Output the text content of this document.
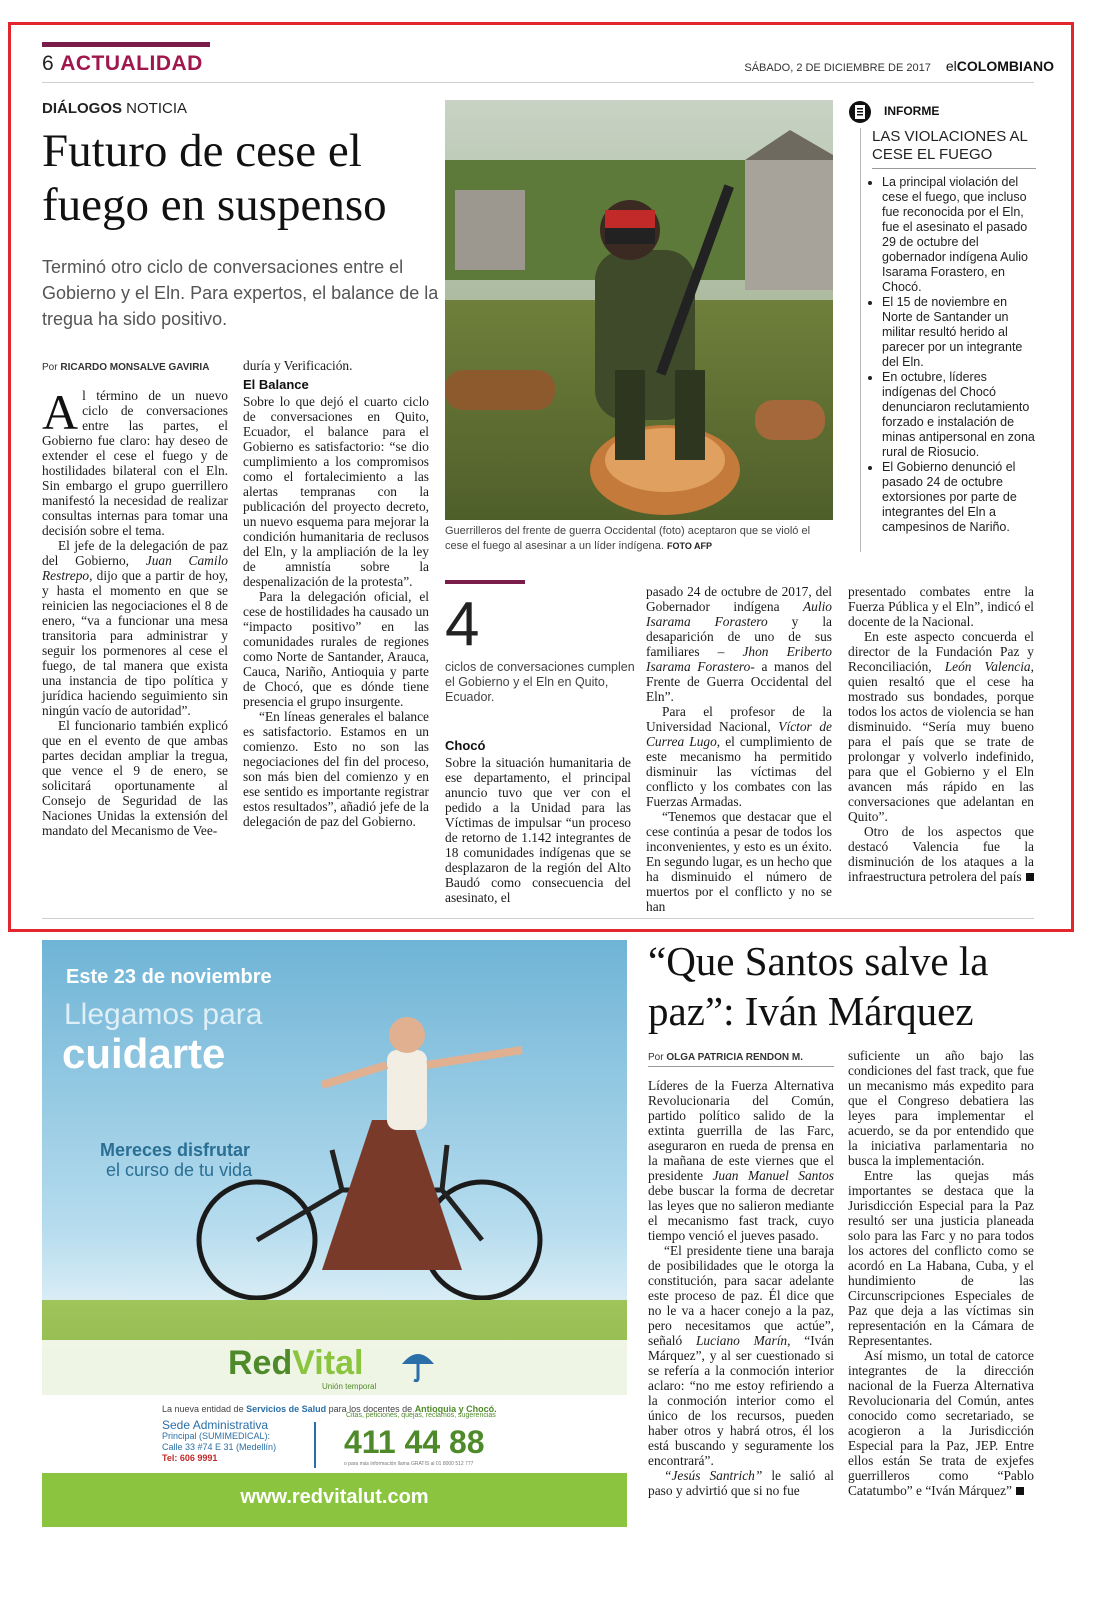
6 ACTUALIDAD	SÁBADO, 2 DE DICIEMBRE DE 2017 elCOLOMBIANO
DIÁLOGOS NOTICIA
Futuro de cese el fuego en suspenso
Terminó otro ciclo de conversaciones entre el Gobierno y el Eln. Para expertos, el balance de la tregua ha sido positivo.
Por RICARDO MONSALVE GAVIRIA

Al término de un nuevo ciclo de conversaciones entre las partes, el Gobierno fue claro: hay deseo de extender el cese el fuego y de hostilidades bilateral con el Eln. Sin embargo el grupo guerrillero manifestó la necesidad de realizar consultas internas para tomar una decisión sobre el tema.

El jefe de la delegación de paz del Gobierno, Juan Camilo Restrepo, dijo que a partir de hoy, y hasta el momento en que se reinicien las negociaciones el 8 de enero, “va a funcionar una mesa transitoria para administrar y seguir los pormenores al cese el fuego, de tal manera que exista una instancia de tipo política y jurídica haciendo seguimiento sin ningún vacío de autoridad”.

El funcionario también explicó que en el evento de que ambas partes decidan ampliar la tregua, que vence el 9 de enero, se solicitará oportunamente al Consejo de Seguridad de las Naciones Unidas la extensión del mandato del Mecanismo de Vee-

duría y Verificación.

El Balance

Sobre lo que dejó el cuarto ciclo de conversaciones en Quito, Ecuador, el balance para el Gobierno es satisfactorio: “se dio cumplimiento a los compromisos como el fortalecimiento a las alertas tempranas con la publicación del proyecto decreto, un nuevo esquema para mejorar la condición humanitaria de reclusos del Eln, y la ampliación de la ley de amnistía sobre la despenalización de la protesta”.

Para la delegación oficial, el cese de hostilidades ha causado un “impacto positivo” en las comunidades rurales de regiones como Norte de Santander, Arauca, Cauca, Nariño, Antioquia y parte de Chocó, que es dónde tiene presencia el grupo insurgente.

“En líneas generales el balance es satisfactorio. Estamos en un comienzo. Esto no son las negociaciones del fin del proceso, son más bien del comienzo y en ese sentido es importante registrar estos resultados”, añadió jefe de la delegación de paz del Gobierno.

Guerrilleros del frente de guerra Occidental (foto) aceptaron que se violó el cese el fuego al asesinar a un líder indígena. FOTO AFP
4
ciclos de conversaciones cumplen el Gobierno y el Eln en Quito, Ecuador.
Chocó

Sobre la situación humanitaria de ese departamento, el principal anuncio tuvo que ver con el pedido a la Unidad para las Víctimas de impulsar “un proceso de retorno de 1.142 integrantes de 18 comunidades indígenas que se desplazaron de la región del Alto Baudó como consecuencia del asesinato, el

pasado 24 de octubre de 2017, del Gobernador indígena Aulio Isarama Forastero y la desaparición de uno de sus familiares – Jhon Eriberto Isarama Forastero- a manos del Frente de Guerra Occidental del Eln”.

Para el profesor de la Universidad Nacional, Víctor de Currea Lugo, el cumplimiento de este mecanismo ha permitido disminuir las víctimas del conflicto y los combates con las Fuerzas Armadas.

“Tenemos que destacar que el cese continúa a pesar de todos los inconvenientes, y esto es un éxito. En segundo lugar, es un hecho que ha disminuido el número de muertos por el conflicto y no se han

presentado combates entre la Fuerza Pública y el Eln”, indicó el docente de la Nacional.

En este aspecto concuerda el director de la Fundación Paz y Reconciliación, León Valencia, quien resaltó que el cese ha mostrado sus bondades, porque todos los actos de violencia se han disminuido. “Sería muy bueno para el país que se trate de prolongar y volverlo indefinido, para que el Gobierno y el Eln avancen más rápido en las conversaciones que adelantan en Quito”.

Otro de los aspectos que destacó Valencia fue la disminución de los ataques a la infraestructura petrolera del país

INFORME
LAS VIOLACIONES AL CESE EL FUEGO
• La principal violación del cese el fuego, que incluso fue reconocida por el Eln, fue el asesinato el pasado 29 de octubre del gobernador indígena Aulio Isarama Forastero, en Chocó.
• El 15 de noviembre en Norte de Santander un militar resultó herido al parecer por un integrante del Eln.
• En octubre, líderes indígenas del Chocó denunciaron reclutamiento forzado e instalación de minas antipersonal en zona rural de Riosucio.
• El Gobierno denunció el pasado 24 de octubre extorsiones por parte de integrantes del Eln a campesinos de Nariño.
Este 23 de noviembre
Llegamos para
cuidarte
Mereces disfrutar
el curso de tu vida
RedVital
Unión temporal
La nueva entidad de Servicios de Salud para los docentes de Antioquia y Chocó.
Sede Administrativa
Principal (SUMIMEDICAL):
Calle 33 #74 E 31 (Medellín)
Tel: 606 9991
Citas, peticiones, quejas, reclamos, sugerencias
411 44 88
o para más información llama GRATIS al 01 8000 512 777
www.redvitalut.com
“Que Santos salve la paz”: Iván Márquez
Por OLGA PATRICIA RENDON M.

Líderes de la Fuerza Alternativa Revolucionaria del Común, partido político salido de la extinta guerrilla de las Farc, aseguraron en rueda de prensa en la mañana de este viernes que el presidente Juan Manuel Santos debe buscar la forma de decretar las leyes que no salieron mediante el mecanismo fast track, cuyo tiempo venció el jueves pasado.

“El presidente tiene una baraja de posibilidades que le otorga la constitución, para sacar adelante este proceso de paz. Él dice que no le va a hacer conejo a la paz, pero necesitamos que actúe”, señaló Luciano Marín, “Iván Márquez”, y al ser cuestionado si se refería a la conmoción interior aclaro: “no me estoy refiriendo a la conmoción interior como el único de los recursos, pueden haber otros y habrá otros, él los está buscando y seguramente los encontrará”.

“Jesús Santrich” le salió al paso y advirtió que si no fue

suficiente un año bajo las condiciones del fast track, que fue un mecanismo más expedito para que el Congreso debatiera las leyes para implementar el acuerdo, se da por entendido que la iniciativa parlamentaria no busca la implementación.

Entre las quejas más importantes se destaca que la Jurisdicción Especial para la Paz resultó ser una justicia planeada solo para las Farc y no para todos los actores del conflicto como se acordó en La Habana, Cuba, y el hundimiento de las Circunscripciones Especiales de Paz que deja a las víctimas sin representación en la Cámara de Representantes.

Así mismo, un total de catorce integrantes de la dirección nacional de la Fuerza Alternativa Revolucionaria del Común, antes conocido como secretariado, se acogieron a la Jurisdicción Especial para la Paz, JEP. Entre ellos están Se trata de exjefes guerrilleros como “Pablo Catatumbo” e “Iván Márquez”
